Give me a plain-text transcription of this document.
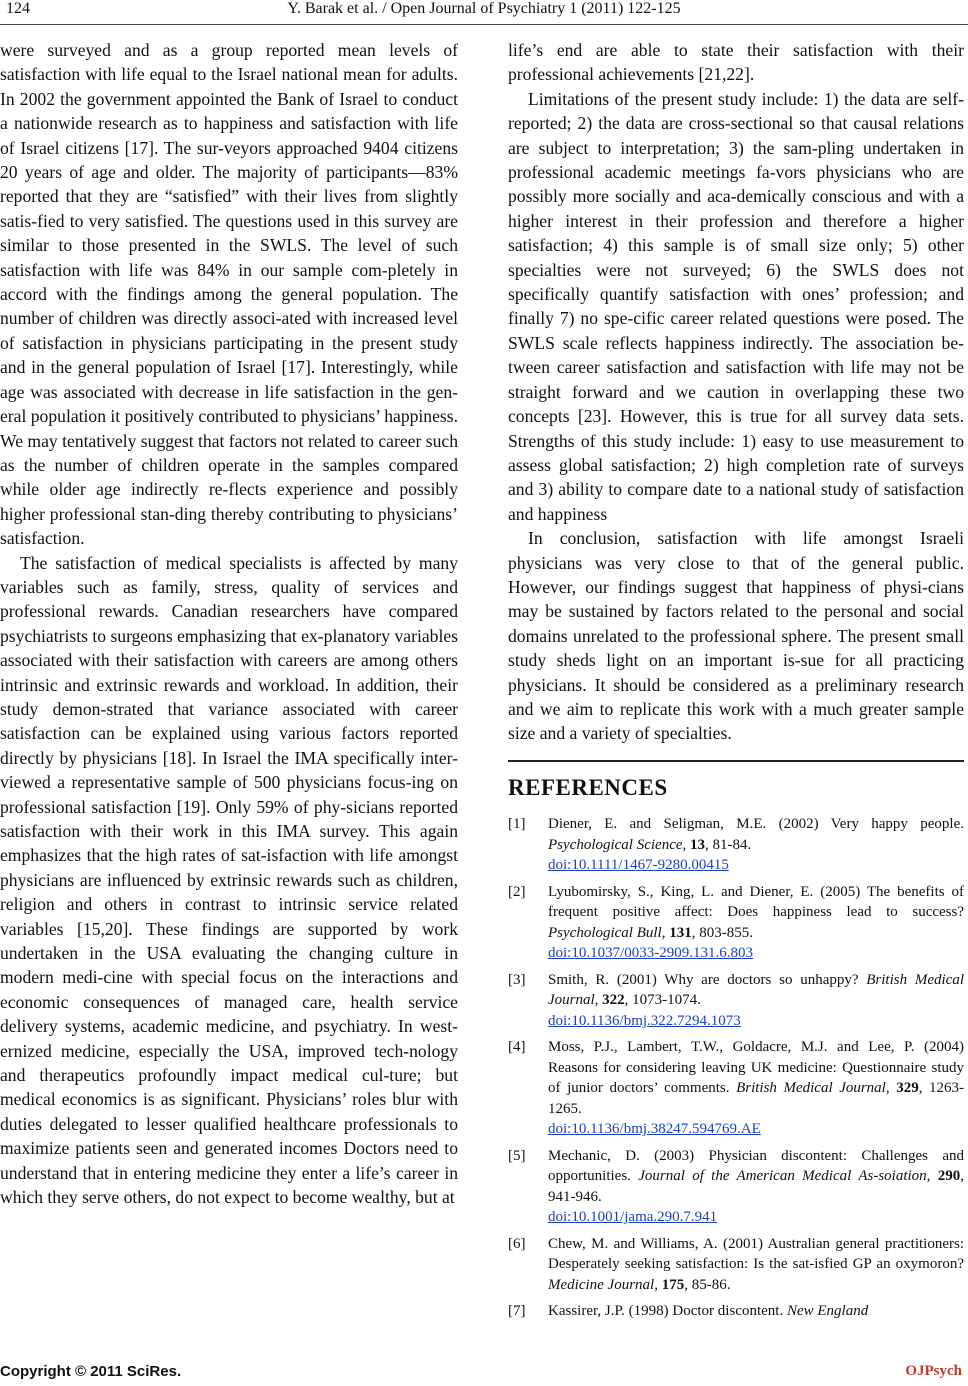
124	Y. Barak et al. / Open Journal of Psychiatry 1 (2011) 122-125

were surveyed and as a group reported mean levels of satisfaction with life equal to the Israel national mean for adults. In 2002 the government appointed the Bank of Israel to conduct a nationwide research as to happiness and satisfaction with life of Israel citizens [17]. The sur-veyors approached 9404 citizens 20 years of age and older. The majority of participants—83% reported that they are “satisfied” with their lives from slightly satis-fied to very satisfied. The questions used in this survey are similar to those presented in the SWLS. The level of such satisfaction with life was 84% in our sample com-pletely in accord with the findings among the general population. The number of children was directly associ-ated with increased level of satisfaction in physicians participating in the present study and in the general population of Israel [17]. Interestingly, while age was associated with decrease in life satisfaction in the gen-eral population it positively contributed to physicians’ happiness. We may tentatively suggest that factors not related to career such as the number of children operate in the samples compared while older age indirectly re-flects experience and possibly higher professional stan-ding thereby contributing to physicians’ satisfaction.

The satisfaction of medical specialists is affected by many variables such as family, stress, quality of services and professional rewards. Canadian researchers have compared psychiatrists to surgeons emphasizing that ex-planatory variables associated with their satisfaction with careers are among others intrinsic and extrinsic rewards and workload. In addition, their study demon-strated that variance associated with career satisfaction can be explained using various factors reported directly by physicians [18]. In Israel the IMA specifically inter-viewed a representative sample of 500 physicians focus-ing on professional satisfaction [19]. Only 59% of phy-sicians reported satisfaction with their work in this IMA survey. This again emphasizes that the high rates of sat-isfaction with life amongst physicians are influenced by extrinsic rewards such as children, religion and others in contrast to intrinsic service related variables [15,20]. These findings are supported by work undertaken in the USA evaluating the changing culture in modern medi-cine with special focus on the interactions and economic consequences of managed care, health service delivery systems, academic medicine, and psychiatry. In west-ernized medicine, especially the USA, improved tech-nology and therapeutics profoundly impact medical cul-ture; but medical economics is as significant. Physicians’ roles blur with duties delegated to lesser qualified healthcare professionals to maximize patients seen and generated incomes Doctors need to understand that in entering medicine they enter a life’s career in which they serve others, do not expect to become wealthy, but at

life’s end are able to state their satisfaction with their professional achievements [21,22].

Limitations of the present study include: 1) the data are self-reported; 2) the data are cross-sectional so that causal relations are subject to interpretation; 3) the sam-pling undertaken in professional academic meetings fa-vors physicians who are possibly more socially and aca-demically conscious and with a higher interest in their profession and therefore a higher satisfaction; 4) this sample is of small size only; 5) other specialties were not surveyed; 6) the SWLS does not specifically quantify satisfaction with ones’ profession; and finally 7) no spe-cific career related questions were posed. The SWLS scale reflects happiness indirectly. The association be-tween career satisfaction and satisfaction with life may not be straight forward and we caution in overlapping these two concepts [23]. However, this is true for all survey data sets. Strengths of this study include: 1) easy to use measurement to assess global satisfaction; 2) high completion rate of surveys and 3) ability to compare date to a national study of satisfaction and happiness

In conclusion, satisfaction with life amongst Israeli physicians was very close to that of the general public. However, our findings suggest that happiness of physi-cians may be sustained by factors related to the personal and social domains unrelated to the professional sphere. The present small study sheds light on an important is-sue for all practicing physicians. It should be considered as a preliminary research and we aim to replicate this work with a much greater sample size and a variety of specialties.

REFERENCES
[1]	Diener, E. and Seligman, M.E. (2002) Very happy people. Psychological Science, 13, 81-84.
doi:10.1111/1467-9280.00415
[2]	Lyubomirsky, S., King, L. and Diener, E. (2005) The benefits of frequent positive affect: Does happiness lead to success? Psychological Bull, 131, 803-855.
doi:10.1037/0033-2909.131.6.803
[3]	Smith, R. (2001) Why are doctors so unhappy? British Medical Journal, 322, 1073-1074.
doi:10.1136/bmj.322.7294.1073
[4]	Moss, P.J., Lambert, T.W., Goldacre, M.J. and Lee, P. (2004) Reasons for considering leaving UK medicine: Questionnaire study of junior doctors’ comments. British Medical Journal, 329, 1263-1265.
doi:10.1136/bmj.38247.594769.AE
[5]	Mechanic, D. (2003) Physician discontent: Challenges and opportunities. Journal of the American Medical As-soiation, 290, 941-946.
doi:10.1001/jama.290.7.941
[6]	Chew, M. and Williams, A. (2001) Australian general practitioners: Desperately seeking satisfaction: Is the sat-isfied GP an oxymoron? Medicine Journal, 175, 85-86.
[7]	Kassirer, J.P. (1998) Doctor discontent. New England
Copyright © 2011 SciRes.	OJPsych
